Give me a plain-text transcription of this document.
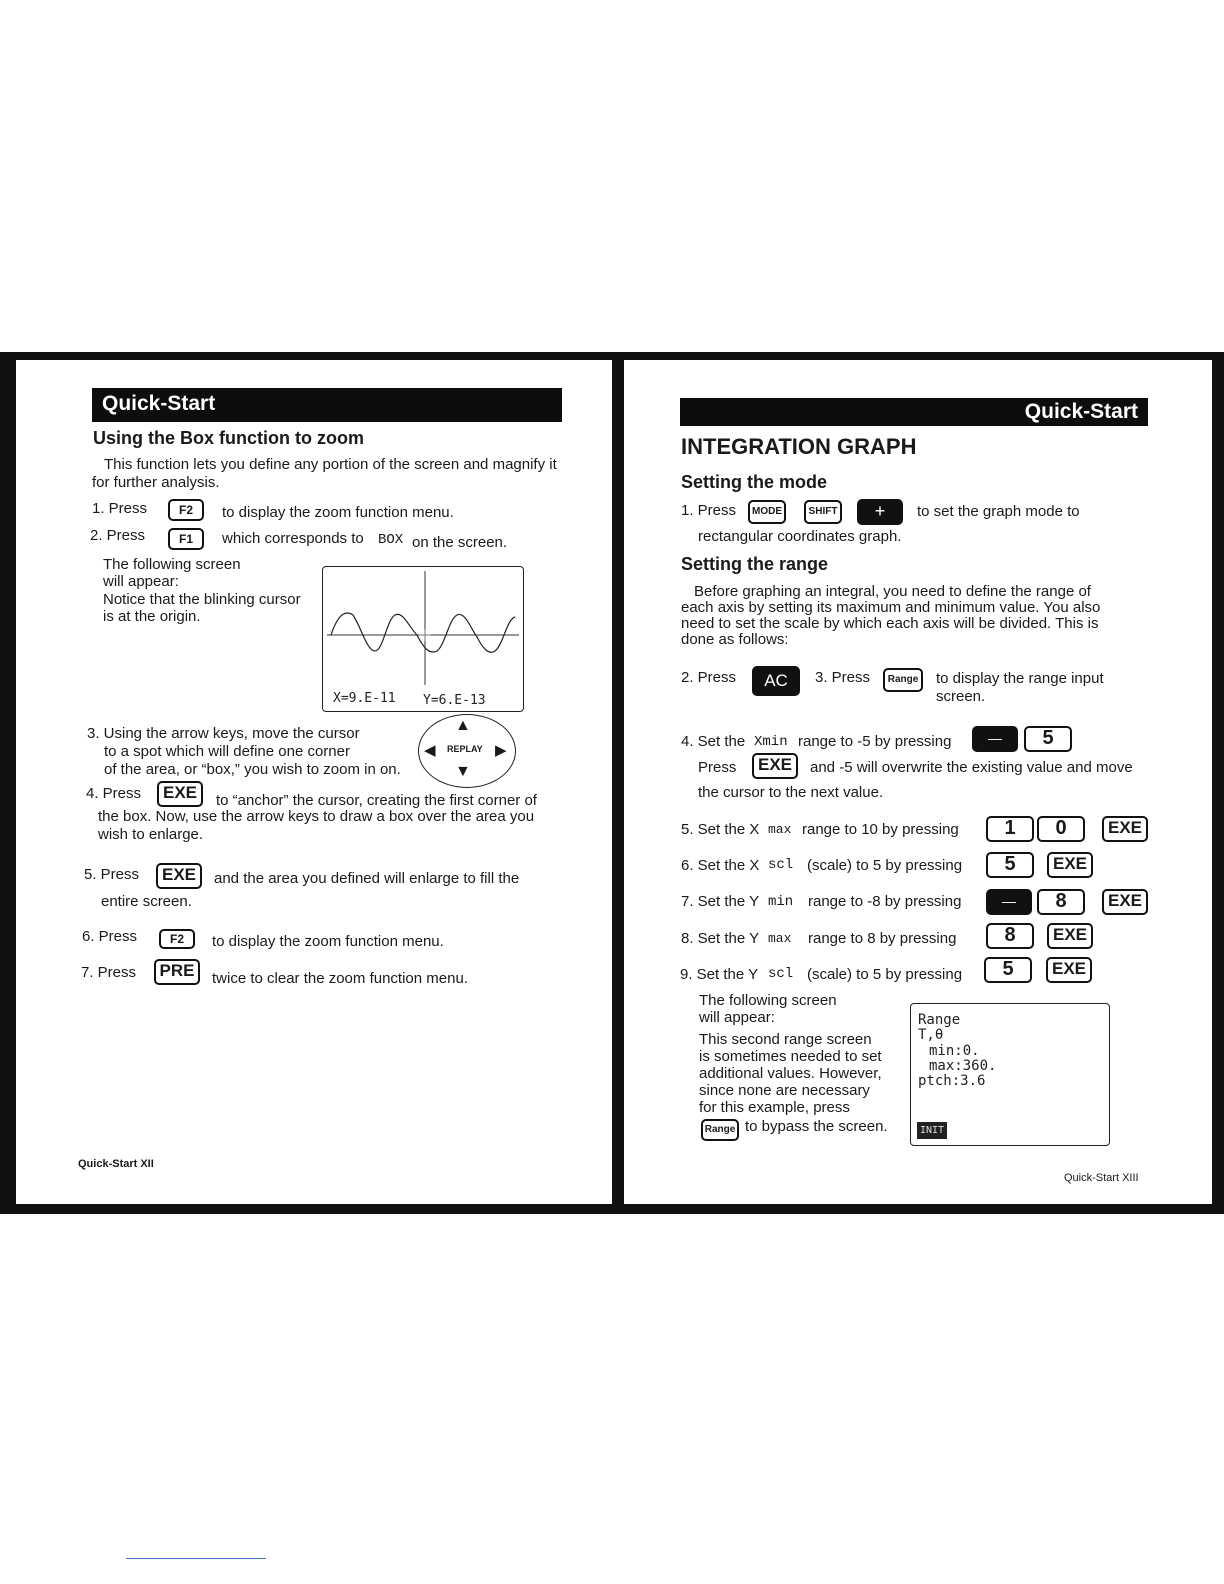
Quick-Start
Using the Box function to zoom
This function lets you define any portion of the screen and magnify it for further analysis.
1. Press	F2	to display the zoom function menu.
2. Press	F1	which corresponds to BOX on the screen.
The following screen
will appear:
Notice that the blinking cursor
is at the origin.
X=9.E-11 Y=6.E-13
3. Using the arrow keys, move the cursor
to a spot which will define one corner
of the area, or “box,” you wish to zoom in on.
▲
▼
◀	▶
REPLAY
4. Press	EXE	to “anchor” the cursor, creating the first corner of
the box. Now, use the arrow keys to draw a box over the area you
wish to enlarge.
5. Press	EXE	and the area you defined will enlarge to fill the
entire screen.
6. Press	F2	to display the zoom function menu.
7. Press	PRE	twice to clear the zoom function menu.
Quick-Start XII
Quick-Start
INTEGRATION GRAPH
Setting the mode
1. Press	MODE	SHIFT	+	to set the graph mode to
rectangular coordinates graph.
Setting the range
Before graphing an integral, you need to define the range of
each axis by setting its maximum and minimum value. You also
need to set the scale by which each axis will be divided. This is
done as follows:
2. Press	AC	3. Press	Range	to display the range input
screen.
4. Set the Xmin range to -5 by pressing	—	5
Press	EXE	and -5 will overwrite the existing value and move
the cursor to the next value.
5. Set the X max range to 10 by pressing	1	0	EXE
6. Set the X scl (scale) to 5 by pressing	5	EXE
7. Set the Y min range to -8 by pressing	—	8	EXE
8. Set the Y max range to 8 by pressing	8	EXE
9. Set the Y scl (scale) to 5 by pressing	5	EXE
The following screen
will appear:
This second range screen
is sometimes needed to set
additional values. However,
since none are necessary
for this example, press
Range to bypass the screen.
Range
T,θ
min:0.
max:360.
ptch:3.6
INIT
Quick-Start XIII
